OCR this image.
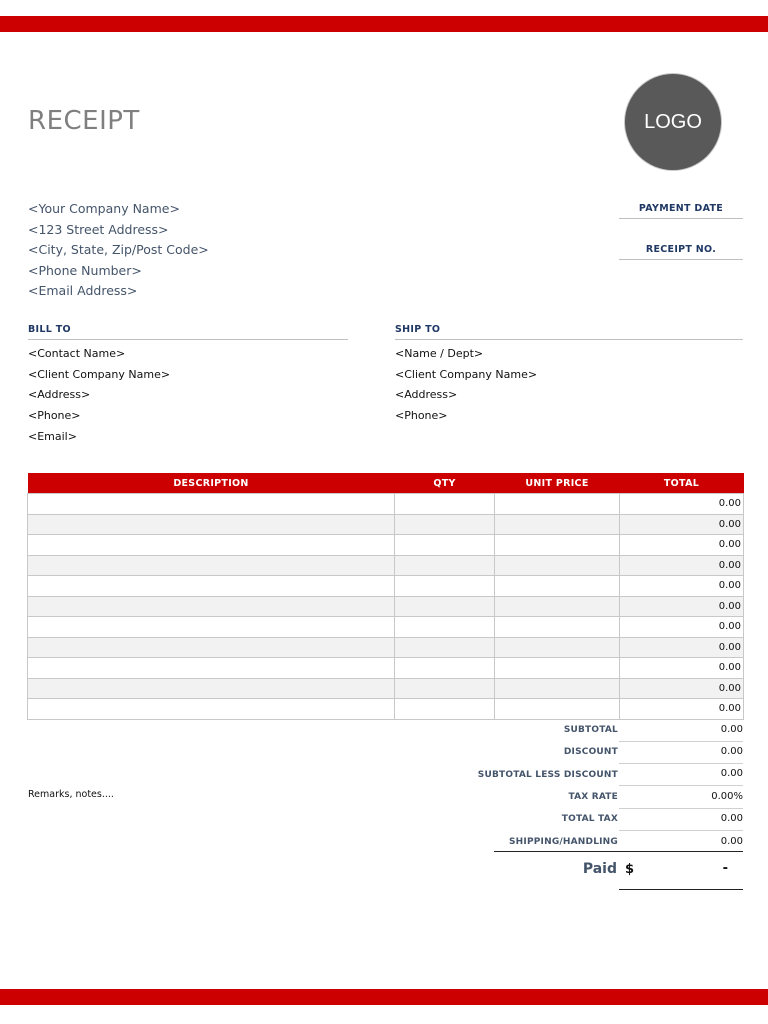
RECEIPT	LOGO
<Your Company Name>
<123 Street Address>
<City, State, Zip/Post Code>
<Phone Number>
<Email Address>
PAYMENT DATE
RECEIPT NO.
BILL TO
<Contact Name>
<Client Company Name>
<Address>
<Phone>
<Email>
SHIP TO
<Name / Dept>
<Client Company Name>
<Address>
<Phone>
DESCRIPTION	QTY	UNIT PRICE	TOTAL
			0.00
			0.00
			0.00
			0.00
			0.00
			0.00
			0.00
			0.00
			0.00
			0.00
			0.00
SUBTOTAL	0.00
DISCOUNT	0.00
SUBTOTAL LESS DISCOUNT	0.00
TAX RATE	0.00%
TOTAL TAX	0.00
SHIPPING/HANDLING	0.00
Remarks, notes....
Paid $	-
